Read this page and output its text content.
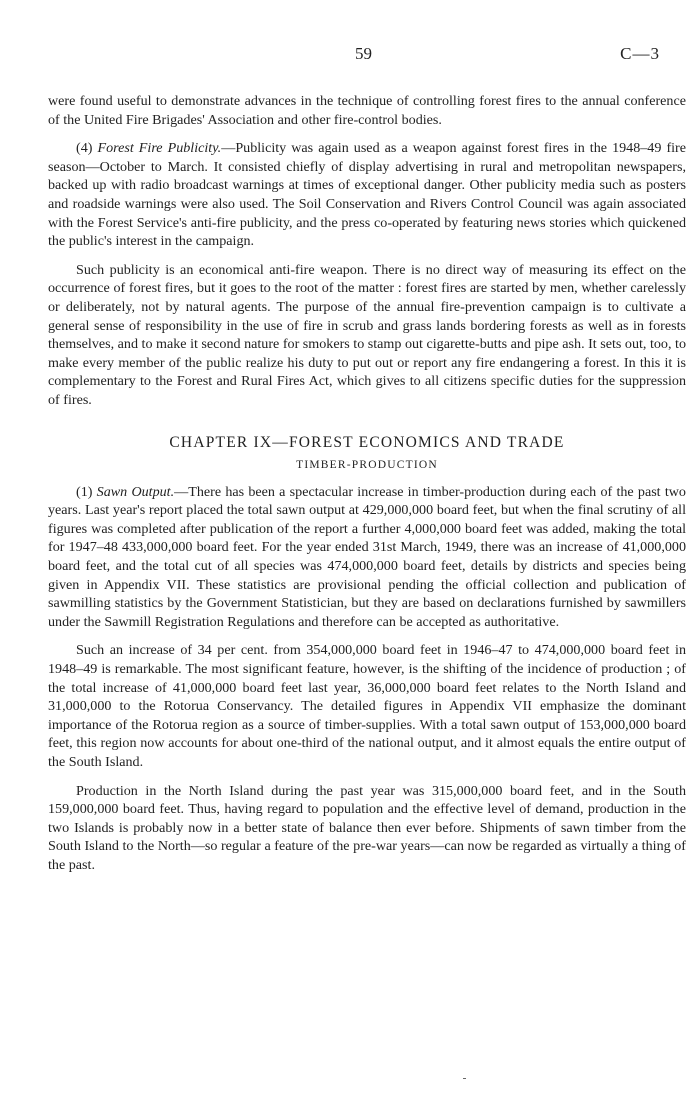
59	C—3

were found useful to demonstrate advances in the technique of controlling forest fires to the annual conference of the United Fire Brigades' Association and other fire-control bodies.

(4) Forest Fire Publicity.—Publicity was again used as a weapon against forest fires in the 1948–49 fire season—October to March. It consisted chiefly of display advertising in rural and metropolitan newspapers, backed up with radio broadcast warnings at times of exceptional danger. Other publicity media such as posters and roadside warnings were also used. The Soil Conservation and Rivers Control Council was again associated with the Forest Service's anti-fire publicity, and the press co-operated by featuring news stories which quickened the public's interest in the campaign.

Such publicity is an economical anti-fire weapon. There is no direct way of measuring its effect on the occurrence of forest fires, but it goes to the root of the matter : forest fires are started by men, whether carelessly or deliberately, not by natural agents. The purpose of the annual fire-prevention campaign is to cultivate a general sense of responsibility in the use of fire in scrub and grass lands bordering forests as well as in forests themselves, and to make it second nature for smokers to stamp out cigarette-butts and pipe ash. It sets out, too, to make every member of the public realize his duty to put out or report any fire endangering a forest. In this it is complementary to the Forest and Rural Fires Act, which gives to all citizens specific duties for the suppression of fires.

CHAPTER IX—FOREST ECONOMICS AND TRADE
TIMBER-PRODUCTION

(1) Sawn Output.—There has been a spectacular increase in timber-production during each of the past two years. Last year's report placed the total sawn output at 429,000,000 board feet, but when the final scrutiny of all figures was completed after publication of the report a further 4,000,000 board feet was added, making the total for 1947–48 433,000,000 board feet. For the year ended 31st March, 1949, there was an increase of 41,000,000 board feet, and the total cut of all species was 474,000,000 board feet, details by districts and species being given in Appendix VII. These statistics are provisional pending the official collection and publication of sawmilling statistics by the Government Statistician, but they are based on declarations furnished by sawmillers under the Sawmill Registration Regulations and therefore can be accepted as authoritative.

Such an increase of 34 per cent. from 354,000,000 board feet in 1946–47 to 474,000,000 board feet in 1948–49 is remarkable. The most significant feature, however, is the shifting of the incidence of production ; of the total increase of 41,000,000 board feet last year, 36,000,000 board feet relates to the North Island and 31,000,000 to the Rotorua Conservancy. The detailed figures in Appendix VII emphasize the dominant importance of the Rotorua region as a source of timber-supplies. With a total sawn output of 153,000,000 board feet, this region now accounts for about one-third of the national output, and it almost equals the entire output of the South Island.

Production in the North Island during the past year was 315,000,000 board feet, and in the South 159,000,000 board feet. Thus, having regard to population and the effective level of demand, production in the two Islands is probably now in a better state of balance then ever before. Shipments of sawn timber from the South Island to the North—so regular a feature of the pre-war years—can now be regarded as virtually a thing of the past.
